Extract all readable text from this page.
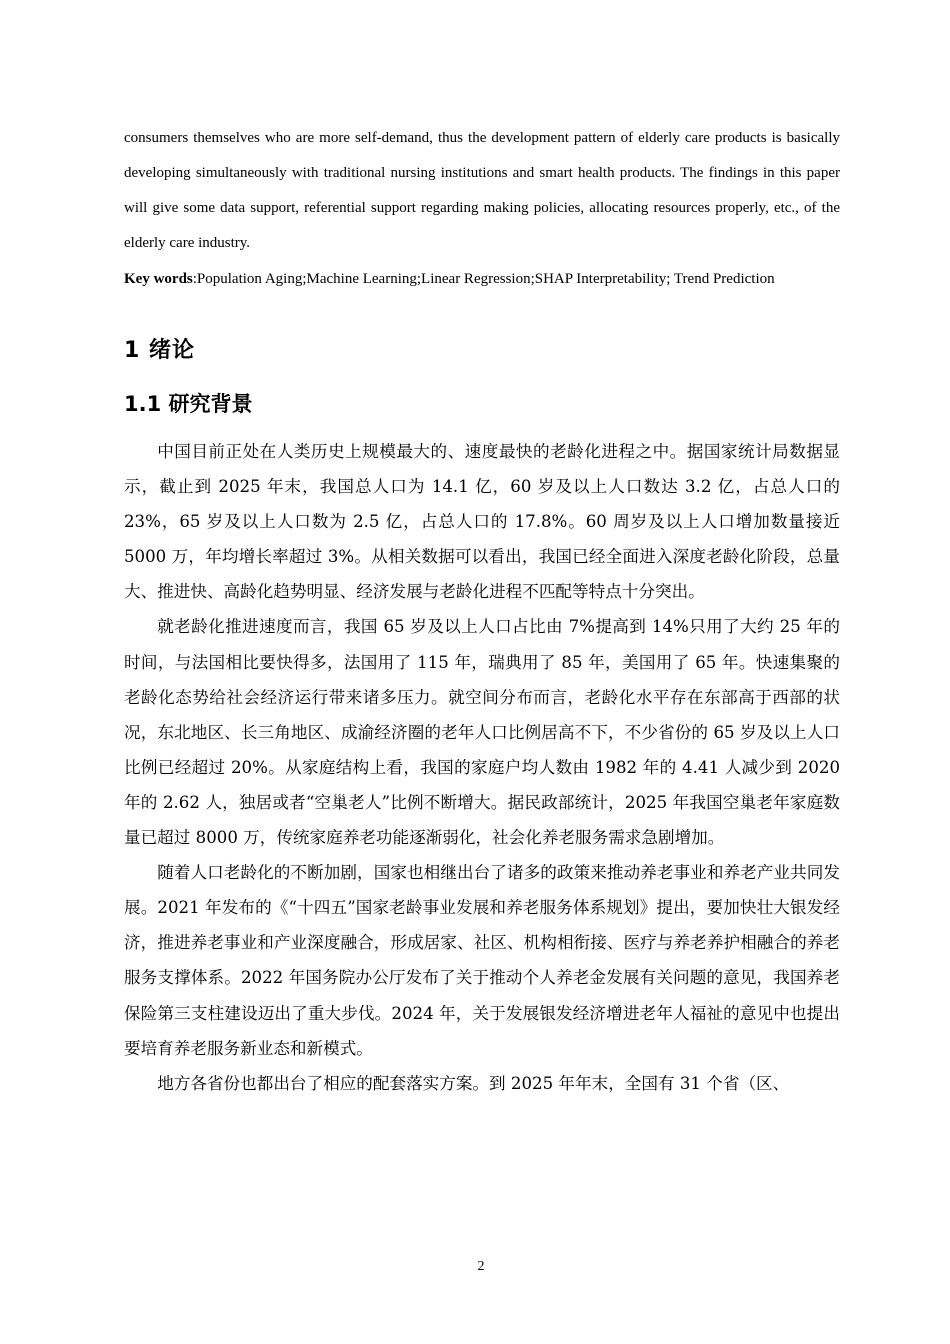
consumers themselves who are more self-demand, thus the development pattern of elderly care products is basically developing simultaneously with traditional nursing institutions and smart health products. The findings in this paper will give some data support, referential support regarding making policies, allocating resources properly, etc., of the elderly care industry.

Key words:Population Aging;Machine Learning;Linear Regression;SHAP Interpretability; Trend Prediction

1 绪论
1.1 研究背景

中国目前正处在人类历史上规模最大的、速度最快的老龄化进程之中。据国家统计局数据显示，截止到 2025 年末，我国总人口为 14.1 亿，60 岁及以上人口数达 3.2 亿，占总人口的 23%，65 岁及以上人口数为 2.5 亿，占总人口的 17.8%。60 周岁及以上人口增加数量接近 5000 万，年均增长率超过 3%。从相关数据可以看出，我国已经全面进入深度老龄化阶段，总量大、推进快、高龄化趋势明显、经济发展与老龄化进程不匹配等特点十分突出。

就老龄化推进速度而言，我国 65 岁及以上人口占比由 7%提高到 14%只用了大约 25 年的时间，与法国相比要快得多，法国用了 115 年，瑞典用了 85 年，美国用了 65 年。快速集聚的老龄化态势给社会经济运行带来诸多压力。就空间分布而言，老龄化水平存在东部高于西部的状况，东北地区、长三角地区、成渝经济圈的老年人口比例居高不下，不少省份的 65 岁及以上人口比例已经超过 20%。从家庭结构上看，我国的家庭户均人数由 1982 年的 4.41 人减少到 2020 年的 2.62 人，独居或者“空巢老人”比例不断增大。据民政部统计，2025 年我国空巢老年家庭数量已超过 8000 万，传统家庭养老功能逐渐弱化，社会化养老服务需求急剧增加。

随着人口老龄化的不断加剧，国家也相继出台了诸多的政策来推动养老事业和养老产业共同发展。2021 年发布的《“十四五”国家老龄事业发展和养老服务体系规划》提出，要加快壮大银发经济，推进养老事业和产业深度融合，形成居家、社区、机构相衔接、医疗与养老养护相融合的养老服务支撑体系。2022 年国务院办公厅发布了关于推动个人养老金发展有关问题的意见，我国养老保险第三支柱建设迈出了重大步伐。2024 年，关于发展银发经济增进老年人福祉的意见中也提出要培育养老服务新业态和新模式。

地方各省份也都出台了相应的配套落实方案。到 2025 年年末，全国有 31 个省（区、

2
